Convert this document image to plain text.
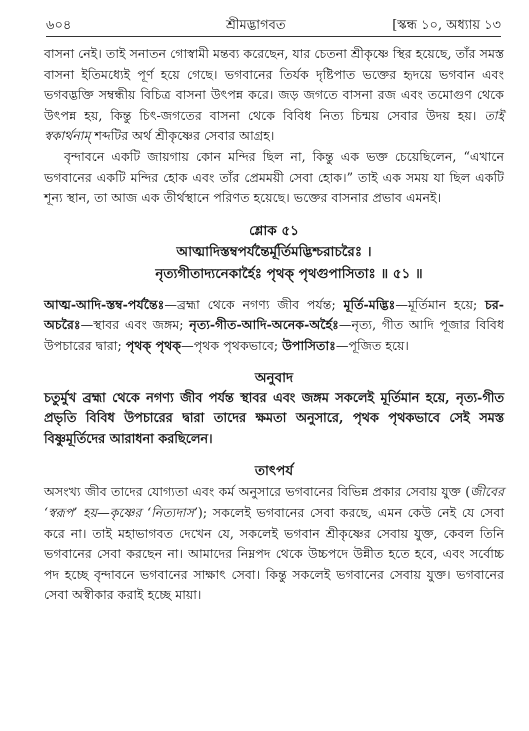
৬০৪	শ্রীমদ্ভাগবত	[স্কন্ধ ১০, অধ্যায় ১৩

বাসনা নেই। তাই সনাতন গোস্বামী মন্তব্য করেছেন, যার চেতনা শ্রীকৃষ্ণে স্থির হয়েছে, তাঁর সমস্ত বাসনা ইতিমধ্যেই পূর্ণ হয়ে গেছে। ভগবানের তির্যক দৃষ্টিপাত ভক্তের হৃদয়ে ভগবান এবং ভগবদ্ভক্তি সম্বন্ধীয় বিচিত্র বাসনা উৎপন্ন করে। জড় জগতে বাসনা রজ এবং তমোগুণ থেকে উৎপন্ন হয়, কিন্তু চিৎ-জগতের বাসনা থেকে বিবিধ নিত্য চিন্ময় সেবার উদয় হয়। তাই স্বকার্থনাম্ শব্দটির অর্থ শ্রীকৃষ্ণের সেবার আগ্রহ।

বৃন্দাবনে একটি জায়গায় কোন মন্দির ছিল না, কিন্তু এক ভক্ত চেয়েছিলেন, “এখানে ভগবানের একটি মন্দির হোক এবং তাঁর প্রেমময়ী সেবা হোক।” তাই এক সময় যা ছিল একটি শূন্য স্থান, তা আজ এক তীর্থস্থানে পরিণত হয়েছে। ভক্তের বাসনার প্রভাব এমনই।

শ্লোক ৫১
আত্মাদিস্তম্বপর্যন্তৈর্মূর্তিমদ্ভিশ্চরাচরৈঃ ।
নৃত্যগীতাদ্যনেকার্হৈঃ পৃথক্ পৃথগুপাসিতাঃ ॥ ৫১ ॥

আত্ম-আদি-স্তম্ব-পর্যন্তৈঃ—ব্রহ্মা থেকে নগণ্য জীব পর্যন্ত; মূর্তি-মদ্ভিঃ—মূর্তিমান হয়ে; চর-অচরৈঃ—স্থাবর এবং জঙ্গম; নৃত্য-গীত-আদি-অনেক-অর্হৈঃ—নৃত্য, গীত আদি পূজার বিবিধ উপচারের দ্বারা; পৃথক্ পৃথক্—পৃথক পৃথকভাবে; উপাসিতাঃ—পূজিত হয়ে।

অনুবাদ

চতুর্মুখ ব্রহ্মা থেকে নগণ্য জীব পর্যন্ত স্থাবর এবং জঙ্গম সকলেই মূর্তিমান হয়ে, নৃত্য-গীত প্রভৃতি বিবিধ উপচারের দ্বারা তাদের ক্ষমতা অনুসারে, পৃথক পৃথকভাবে সেই সমস্ত বিষ্ণুমূর্তিদের আরাধনা করছিলেন।

তাৎপর্য

অসংখ্য জীব তাদের যোগ্যতা এবং কর্ম অনুসারে ভগবানের বিভিন্ন প্রকার সেবায় যুক্ত (জীবের ‘স্বরূপ’ হয়—কৃষ্ণের ‘নিত্যদাস’); সকলেই ভগবানের সেবা করছে, এমন কেউ নেই যে সেবা করে না। তাই মহাভাগবত দেখেন যে, সকলেই ভগবান শ্রীকৃষ্ণের সেবায় যুক্ত, কেবল তিনি ভগবানের সেবা করছেন না। আমাদের নিম্নপদ থেকে উচ্চপদে উন্নীত হতে হবে, এবং সর্বোচ্চ পদ হচ্ছে বৃন্দাবনে ভগবানের সাক্ষাৎ সেবা। কিন্তু সকলেই ভগবানের সেবায় যুক্ত। ভগবানের সেবা অস্বীকার করাই হচ্ছে মায়া।
